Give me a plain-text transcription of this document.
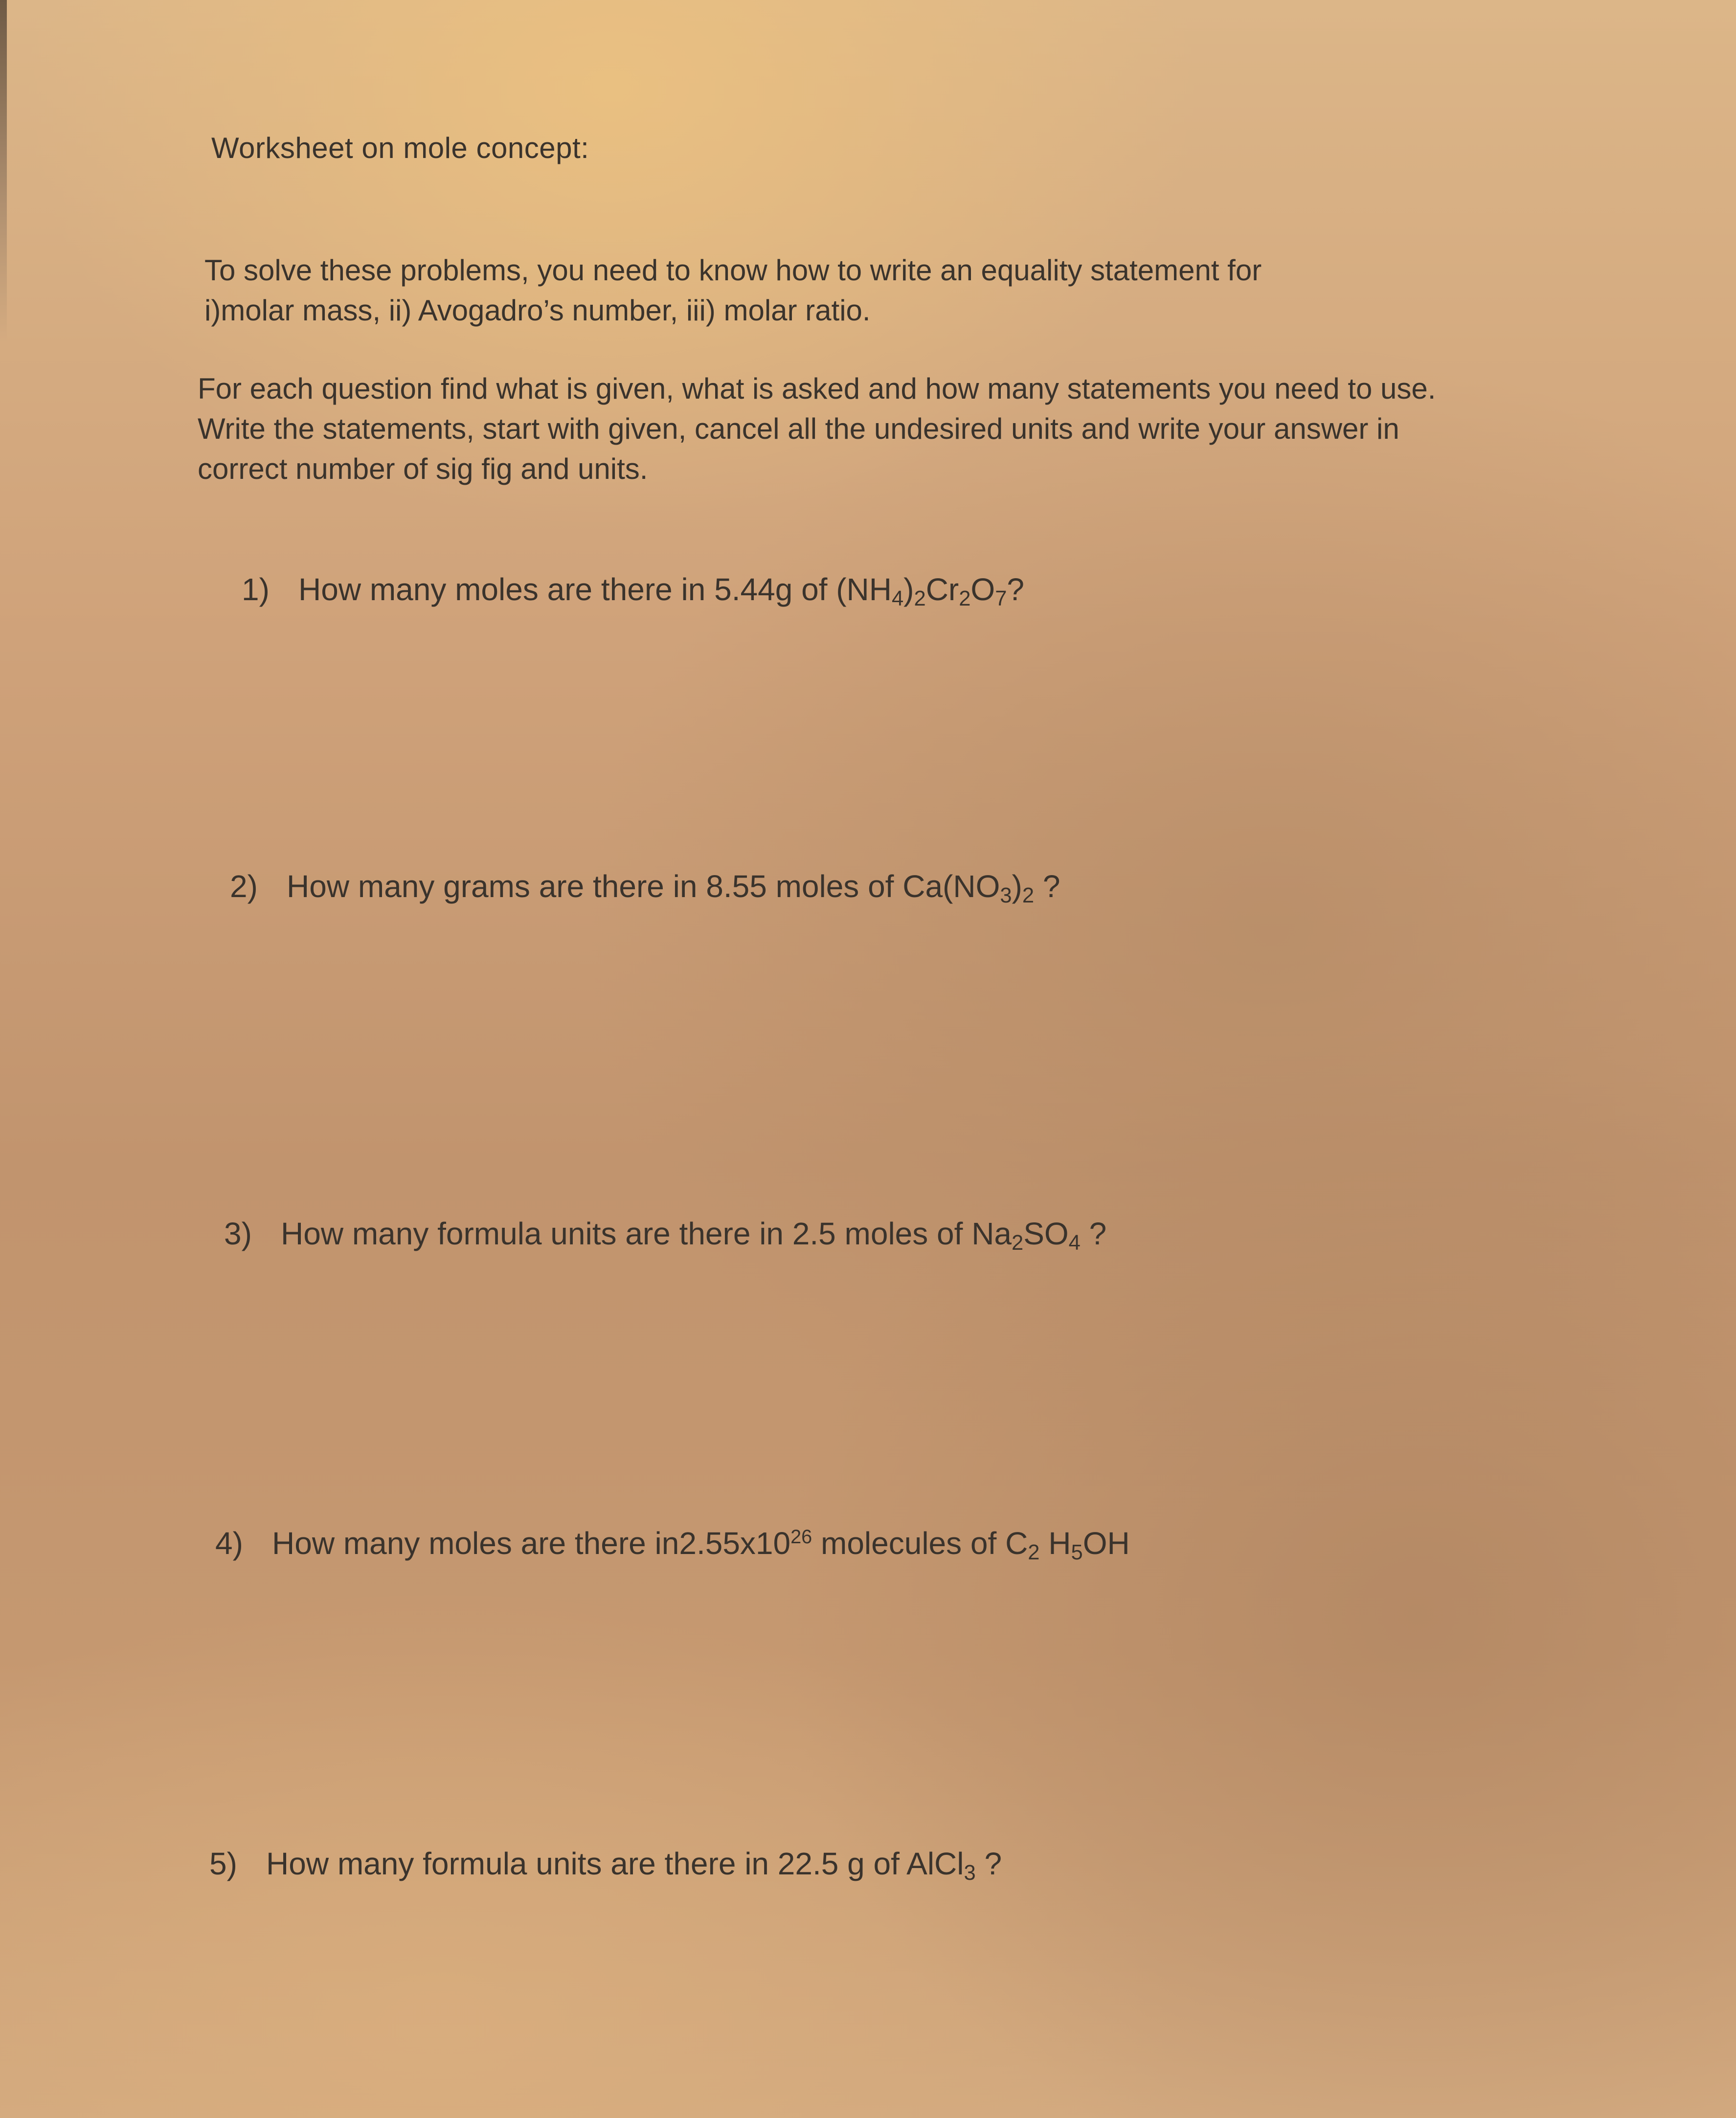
Worksheet on mole concept:
To solve these problems, you need to know how to write an equality statement for
i)molar mass, ii) Avogadro’s number, iii) molar ratio.
For each question find what is given, what is asked and how many statements you need to use.
Write the statements, start with given, cancel all the undesired units and write your answer in
correct number of sig fig and units.
1) How many moles are there in 5.44g of $(NH_4)_2Cr_2O_7$?
2) How many grams are there in 8.55 moles of $Ca(NO_3)_2$ ?
3) How many formula units are there in 2.5 moles of $Na_2SO_4$ ?
4) How many moles are there $in2.55x10^{26}$ molecules of $C_2$ $H_5OH$
5) How many formula units are there in 22.5 g of AlCl$_3$ ?
